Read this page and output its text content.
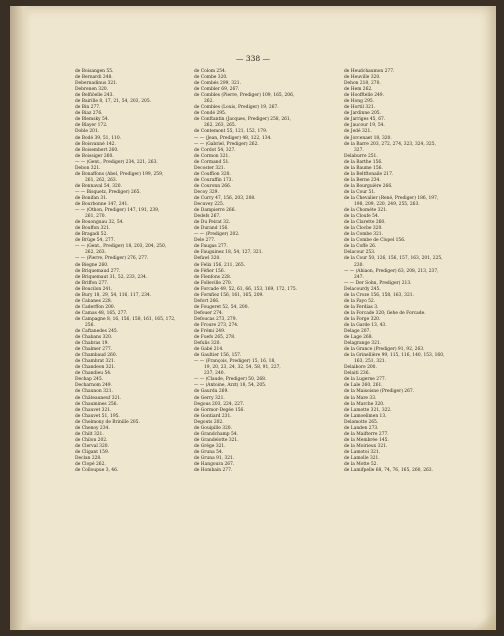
— 338 —
de Boisangen 55.
de Bernardi 248.
Debernadinus 321.
Debrenen 320.
de Belfiöelle 243.
de Bairille 8, 17, 21, 54, 203, 205.
de Bin 277.
de Biaz 276.
de Blemsky 54.
de Blayer 172.
Doble 201.
de Bodé 39, 51, 110.
de Boisvanné 142.
de Boisembert 260.
de Boissiger 260.
— — (Gent., Prediger) 234, 221, 263.
Debon 321.
de Bonaffons (Abel, Prediger) 199, 259,
261, 262, 263.
de Bonnaval 54, 320.
— — Bisquetz, Prediger) 265.
de Bonifan 31.
de Bourbonne 147, 241.
— — (Othon, Prediger) 147, 191, 239,
261, 270.
de Bouonguau 32, 54.
de Bouffon 321.
de Bragadi 52.
de Brüge 54, 277.
— — (Gent., Prediger) 18, 203, 204, 250,
262, 263.
— — (Pierre, Prediger) 276, 277.
de Biegne 260.
de Briquemaud 277.
de Briquemaut 31, 52, 233, 234.
de Briffon 277.
de Boucilon 241.
de Bury 18, 29, 54, 116, 117, 234.
de Cabanes 228.
de Caderffon 200.
de Camas 48, 165, 277.
de Campagne 8, 16, 156, 158, 161, 165, 172,
256.
de Caftanedes 245.
de Chabans 320.
de Chabras 19.
de Chalmer 277.
de Chambaud 260.
de Chambrat 321.
de Chandeon 321.
de Chandieu 54.
Dechap 245.
Decharnom 249.
de Chaunon 321.
de Châteauneuf 321.
de Chaumines 256.
de Chauvet 321.
de Chauvet 51, 195.
de Chelmony de Brinille 205.
de Chenoy 234.
de Chilt 321.
de Chilon 202.
de Clerval 320.
de Cligant 159.
Declan 228.
de Clopé 262.
de Colloupue 3, 46.
de Colom 254.
de Combe 320.
de Combés 299, 321.
de Combler 69, 267.
de Combles (Pierre, Prediger) 109, 165, 206,
262.
de Combles (Louis, Prediger) 19, 267.
de Condé 295.
de Conftantin (Jacques, Prediger) 258, 261,
262, 263, 265.
de Contemont 55, 121, 152, 179.
— — (Jean, Prediger) 48, 122, 134.
— — (Gabriel, Prediger) 262.
de Cordot 54, 327.
de Cormon 321.
de Cormand 51.
Decoster 321.
de Couffion 320.
de Couraffin 173.
de Couronn 266.
Decoy 329.
de Curry 47, 156, 203, 208.
Decuvey 225.
de Dampierre 266.
Dedefs 267.
de Du Peirat 32.
de Durand 156.
— — (Prediger) 202.
Dele 277.
de Faugas 277.
de Fauguinez 18, 54, 127, 321.
Defawl 320.
de Felix 156, 211, 265.
de Féfier 156.
de Flenfons 228.
de Folleville 270.
de Forcade 49, 52, 61, 66, 153, 169, 172, 175.
de Fornfiez 156, 161, 165, 209.
Defort 266.
de Fougeret 52, 54, 200.
Defouer 274.
Defoucas 273, 279.
de Froure 273, 274.
de Frémi 249.
de Fuefs 265, 278.
Defulis 320.
de Gabé 214.
de Gaultier 156, 157.
— — (François, Prediger) 15, 16, 18,
19, 20, 23, 24, 32, 54, 58, 91, 227,
237, 240.
— — (Claude, Prediger) 50, 268.
— — (Antoine, Arzt) 18, 54, 205.
de Gaurdu 269.
de Gerry 321.
Degous 203, 224, 227.
de Gormor-Degée 156.
de Gontiard 231.
Degouts 202.
de Gouipille 320.
de Grandchamp 54.
de Grandelotte 321.
de Grége 321.
de Gruna 54.
de Gruna 91, 321.
de Hangoura 267.
de Hombain 277.
de Heudchaumon 277.
de Heuville 320.
Dehon 218, 270.
de Hem 262.
de Hoofftelle 249.
de Hong 295.
de Hortil 321.
de Jardinne 205.
de Jarriges 45, 67.
de Jaucour 19, 54.
de Jedé 321.
de Jorcenaet 18, 320.
de la Barre 203, 272, 274, 323, 324, 325,
327.
Delaburre 251.
de la Barthe 156.
de la Baume 156.
de la Beltftonaile 217.
de la Berne 234.
de la Bourguière 266.
de la Cour 51.
de la Chevalier (René, Prediger) 186, 197,
198, 209, 220, 249, 255, 263.
de la Chométe 321.
de la Cloufe 54.
de la Clarette 260.
de la Clocbe 320.
de la Combe 321.
de la Combe de Clopel 156.
de la Coffe 26.
Delacour 253.
de la Cour 50, 126, 156, 157, 163, 201, 225,
230.
— — (Abiaon, Prediger) 63, 208, 213, 237,
247.
— — Der Sohn, Prediger) 213.
Delacourdy 245.
de la Croze 156, 158, 163, 321.
de la Fayo 52.
de la Ferdias 3.
de la Forcade 320; ſiehe de Forcade.
de la Forge 320.
de la Garde 13, 43.
Delage 207.
de Lage 268.
Delagrange 321.
de la Grance (Prediger) 91, 92, 263.
de la Grinellière 99, 115, 116, 140, 153, 160,
163, 251, 321.
Delaibore 200.
Delaiti 236.
de la Lugerne 277.
de Lale 260, 261.
de la Maisoisne (Prediger) 267.
de la Mare 33.
de la Marche 320.
de Lamotte 321, 322.
de Lamoelimen 13.
Delamotte 265.
de Landen 273.
de la Maifterre 277.
de la Membrée 145.
de la Moirieux 321.
de Lamotoi 321.
de Lamolle 321.
de la Motte 52.
de Lamifpelle 68, 74, 76, 165, 260, 263.
